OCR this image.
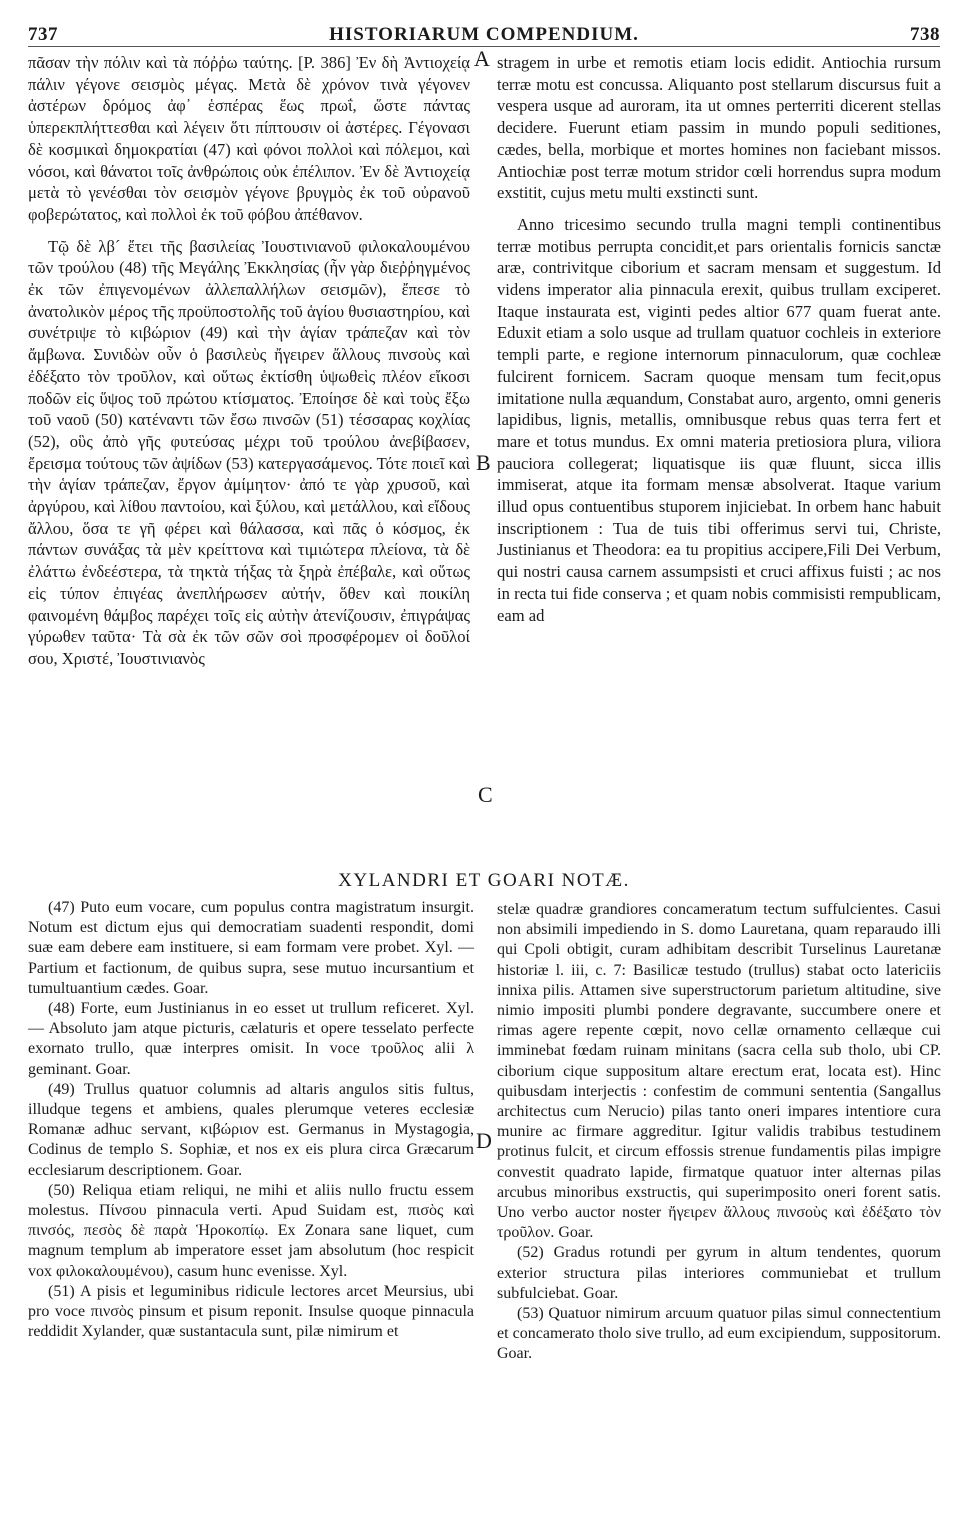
737	HISTORIARUM COMPENDIUM.	738

πᾶσαν τὴν πόλιν καὶ τὰ πόῤῥω ταύτης. [P. 386] Ἐν δὴ Ἀντιοχείᾳ πάλιν γέγονε σεισμὸς μέγας. Μετὰ δὲ χρόνον τινὰ γέγονεν ἀστέρων δρόμος ἀφ᾽ ἑσπέρας ἕως πρωΐ, ὥστε πάντας ὑπερεκπλήττεσθαι καὶ λέγειν ὅτι πίπτουσιν οἱ ἀστέρες. Γέγονασι δὲ κοσμικαὶ δημοκρατίαι (47) καὶ φόνοι πολλοὶ καὶ πόλεμοι, καὶ νόσοι, καὶ θάνατοι τοῖς ἀνθρώποις οὐκ ἐπέλιπον. Ἐν δὲ Ἀντιοχείᾳ μετὰ τὸ γενέσθαι τὸν σεισμὸν γέγονε βρυγμὸς ἐκ τοῦ οὐρανοῦ φοβερώτατος, καὶ πολλοὶ ἐκ τοῦ φόβου ἀπέθανον.

Τῷ δὲ λβ´ ἔτει τῆς βασιλείας Ἰουστινιανοῦ φιλοκαλουμένου τῶν τρούλου (48) τῆς Μεγάλης Ἐκκλησίας (ἦν γὰρ διεῤῥηγμένος ἐκ τῶν ἐπιγενομένων ἀλλεπαλλήλων σεισμῶν), ἔπεσε τὸ ἀνατολικὸν μέρος τῆς προϋποστολῆς τοῦ ἁγίου θυσιαστηρίου, καὶ συνέτριψε τὸ κιβώριον (49) καὶ τὴν ἁγίαν τράπεζαν καὶ τὸν ἄμβωνα. Συνιδὼν οὖν ὁ βασιλεὺς ἤγειρεν ἄλλους πινσοὺς καὶ ἐδέξατο τὸν τροῦλον, καὶ οὕτως ἐκτίσθη ὑψωθεὶς πλέον εἴκοσι ποδῶν εἰς ὕψος τοῦ πρώτου κτίσματος. Ἐποίησε δὲ καὶ τοὺς ἔξω τοῦ ναοῦ (50) κατέναντι τῶν ἔσω πινσῶν (51) τέσσαρας κοχλίας (52), οὓς ἀπὸ γῆς φυτεύσας μέχρι τοῦ τρούλου ἀνεβίβασεν, ἔρεισμα τούτους τῶν ἀψίδων (53) κατεργασάμενος. Τότε ποιεῖ καὶ τὴν ἁγίαν τράπεζαν, ἔργον ἀμίμητον· ἀπό τε γὰρ χρυσοῦ, καὶ ἀργύρου, καὶ λίθου παντοίου, καὶ ξύλου, καὶ μετάλλου, καὶ εἴδους ἄλλου, ὅσα τε γῆ φέρει καὶ θάλασσα, καὶ πᾶς ὁ κόσμος, ἐκ πάντων συνάξας τὰ μὲν κρείττονα καὶ τιμιώτερα πλείονα, τὰ δὲ ἐλάττω ἐνδεέστερα, τὰ τηκτὰ τήξας τὰ ξηρὰ ἐπέβαλε, καὶ οὕτως εἰς τύπον ἐπιγέας ἀνεπλήρωσεν αὐτήν, ὅθεν καὶ ποικίλη φαινομένη θάμβος παρέχει τοῖς εἰς αὐτὴν ἀτενίζουσιν, ἐπιγράψας γύρωθεν ταῦτα· Τὰ σὰ ἐκ τῶν σῶν σοὶ προσφέρομεν οἱ δοῦλοί σου, Χριστέ, Ἰουστινιανὸς

A
B
C
D

stragem in urbe et remotis etiam locis edidit. Antiochia rursum terræ motu est concussa. Aliquanto post stellarum discursus fuit a vespera usque ad auroram, ita ut omnes perterriti dicerent stellas decidere. Fuerunt etiam passim in mundo populi seditiones, cædes, bella, morbique et mortes homines non faciebant missos. Antiochiæ post terræ motum stridor cœli horrendus supra modum exstitit, cujus metu multi exstincti sunt.

Anno tricesimo secundo trulla magni templi continentibus terræ motibus perrupta concidit,et pars orientalis fornicis sanctæ aræ, contrivitque ciborium et sacram mensam et suggestum. Id videns imperator alia pinnacula erexit, quibus trullam exciperet. Itaque instaurata est, viginti pedes altior 677 quam fuerat ante. Eduxit etiam a solo usque ad trullam quatuor cochleis in exteriore templi parte, e regione internorum pinnaculorum, quæ cochleæ fulcirent fornicem. Sacram quoque mensam tum fecit,opus imitatione nulla æquandum, Constabat auro, argento, omni generis lapidibus, lignis, metallis, omnibusque rebus quas terra fert et mare et totus mundus. Ex omni materia pretiosiora plura, viliora pauciora collegerat; liquatisque iis quæ fluunt, sicca illis immiserat, atque ita formam mensæ absolverat. Itaque varium illud opus contuentibus stuporem injiciebat. In orbem hanc habuit inscriptionem : Tua de tuis tibi offerimus servi tui, Christe, Justinianus et Theodora: ea tu propitius accipere,Fili Dei Verbum, qui nostri causa carnem assumpsisti et cruci affixus fuisti ; ac nos in recta tui fide conserva ; et quam nobis commisisti rempublicam, eam ad

XYLANDRI ET GOARI NOTÆ.

(47) Puto eum vocare, cum populus contra magistratum insurgit. Notum est dictum ejus qui democratiam suadenti respondit, domi suæ eam debere eam instituere, si eam formam vere probet. Xyl. — Partium et factionum, de quibus supra, sese mutuo incursantium et tumultuantium cædes. Goar.

(48) Forte, eum Justinianus in eo esset ut trullum reficeret. Xyl. — Absoluto jam atque picturis, cælaturis et opere tesselato perfecte exornato trullo, quæ interpres omisit. In voce τροῦλος alii λ geminant. Goar.

(49) Trullus quatuor columnis ad altaris angulos sitis fultus, illudque tegens et ambiens, quales plerumque veteres ecclesiæ Romanæ adhuc servant, κιβώριον est. Germanus in Mystagogia, Codinus de templo S. Sophiæ, et nos ex eis plura circa Græcarum ecclesiarum descriptionem. Goar.

(50) Reliqua etiam reliqui, ne mihi et aliis nullo fructu essem molestus. Πίνσου pinnacula verti. Apud Suidam est, πισὸς καὶ πινσός, πεσὸς δὲ παρὰ Ἡροκοπίῳ. Ex Zonara sane liquet, cum magnum templum ab imperatore esset jam absolutum (hoc respicit vox φιλοκαλουμένου), casum hunc evenisse. Xyl.

(51) A pisis et leguminibus ridicule lectores arcet Meursius, ubi pro voce πινσὸς pinsum et pisum reponit. Insulse quoque pinnacula reddidit Xylander, quæ sustantacula sunt, pilæ nimirum et

stelæ quadræ grandiores concameratum tectum suffulcientes. Casui non absimili impediendo in S. domo Lauretana, quam reparaudo illi qui Cpoli obtigit, curam adhibitam describit Turselinus Lauretanæ historiæ l. iii, c. 7: Basilicæ testudo (trullus) stabat octo latericiis innixa pilis. Attamen sive superstructorum parietum altitudine, sive nimio impositi plumbi pondere degravante, succumbere onere et rimas agere repente cœpit, novo cellæ ornamento cellæque cui imminebat fœdam ruinam minitans (sacra cella sub tholo, ubi CP. ciborium cique suppositum altare erectum erat, locata est). Hinc quibusdam interjectis : confestim de communi sententia (Sangallus architectus cum Nerucio) pilas tanto oneri impares intentiore cura munire ac firmare aggreditur. Igitur validis trabibus testudinem protinus fulcit, et circum effossis strenue fundamentis pilas impigre convestit quadrato lapide, firmatque quatuor inter alternas pilas arcubus minoribus exstructis, qui superimposito oneri forent satis. Uno verbo auctor noster ἤγειρεν ἄλλους πινσοὺς καὶ ἐδέξατο τὸν τροῦλον. Goar.

(52) Gradus rotundi per gyrum in altum tendentes, quorum exterior structura pilas interiores communiebat et trullum subfulciebat. Goar.

(53) Quatuor nimirum arcuum quatuor pilas simul connectentium et concamerato tholo sive trullo, ad eum excipiendum, suppositorum. Goar.
